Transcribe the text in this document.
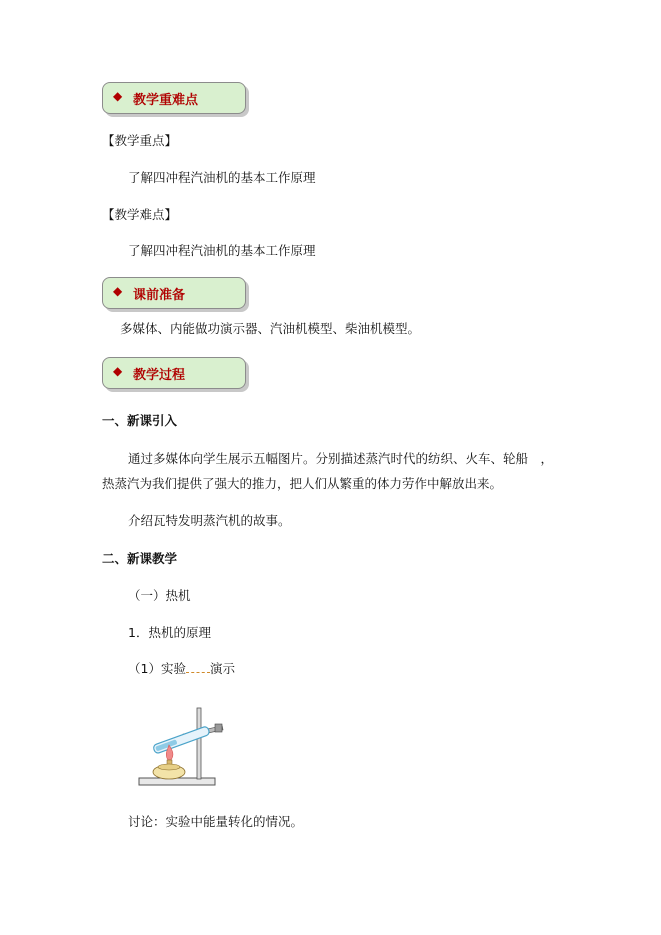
◆ 教学重难点
【教学重点】
了解四冲程汽油机的基本工作原理
【教学难点】
了解四冲程汽油机的基本工作原理
◆ 课前准备
多媒体、内能做功演示器、汽油机模型、柴油机模型。
◆ 教学过程
一、新课引入
通过多媒体向学生展示五幅图片。分别描述蒸汽时代的纺织、火车、轮船　，
热蒸汽为我们提供了强大的推力，把人们从繁重的体力劳作中解放出来。
介绍瓦特发明蒸汽机的故事。
二、新课教学
（一）热机
1．热机的原理
（1）实验 演示
讨论：实验中能量转化的情况。
